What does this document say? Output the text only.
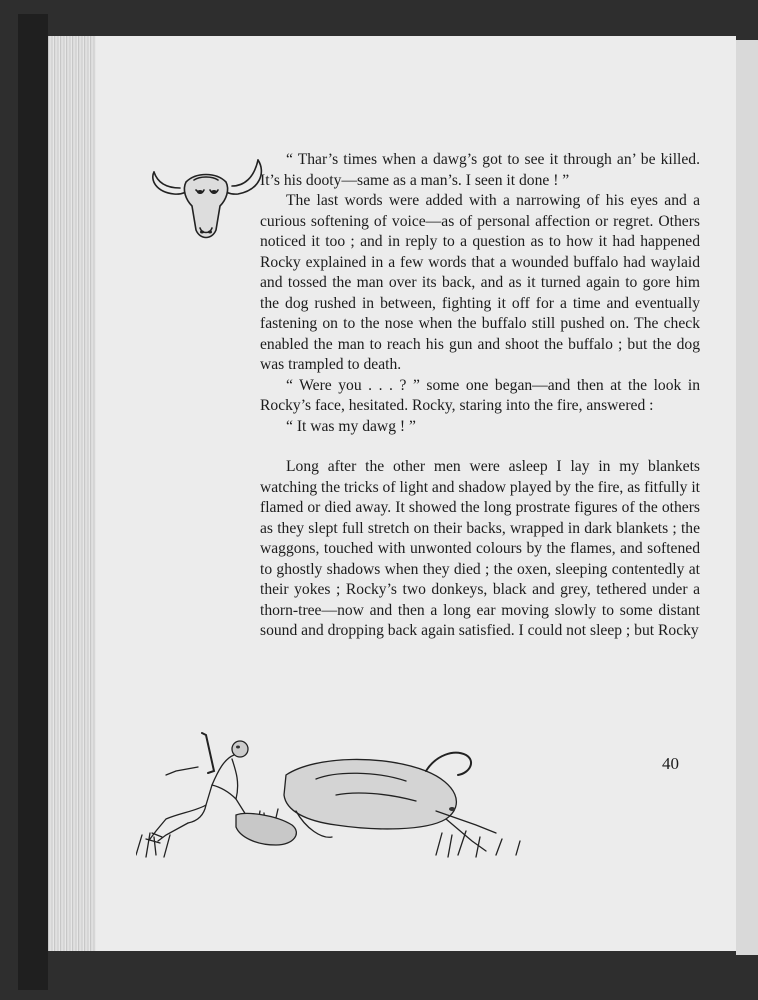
“ Thar’s times when a dawg’s got to see it through an’ be killed. It’s his dooty—same as a man’s. I seen it done ! ”

The last words were added with a narrowing of his eyes and a curious softening of voice—as of personal affection or regret. Others noticed it too ; and in reply to a question as to how it had happened Rocky explained in a few words that a wounded buffalo had waylaid and tossed the man over its back, and as it turned again to gore him the dog rushed in between, fighting it off for a time and eventually fastening on to the nose when the buffalo still pushed on. The check enabled the man to reach his gun and shoot the buffalo ; but the dog was trampled to death.

“ Were you . . . ? ” some one began—and then at the look in Rocky’s face, hesitated. Rocky, staring into the fire, answered :

“ It was my dawg ! ”

Long after the other men were asleep I lay in my blankets watching the tricks of light and shadow played by the fire, as fitfully it flamed or died away. It showed the long prostrate figures of the others as they slept full stretch on their backs, wrapped in dark blankets ; the waggons, touched with unwonted colours by the flames, and softened to ghostly shadows when they died ; the oxen, sleeping contentedly at their yokes ; Rocky’s two donkeys, black and grey, tethered under a thorn-tree—now and then a long ear moving slowly to some distant sound and dropping back again satisfied. I could not sleep ; but Rocky

40
